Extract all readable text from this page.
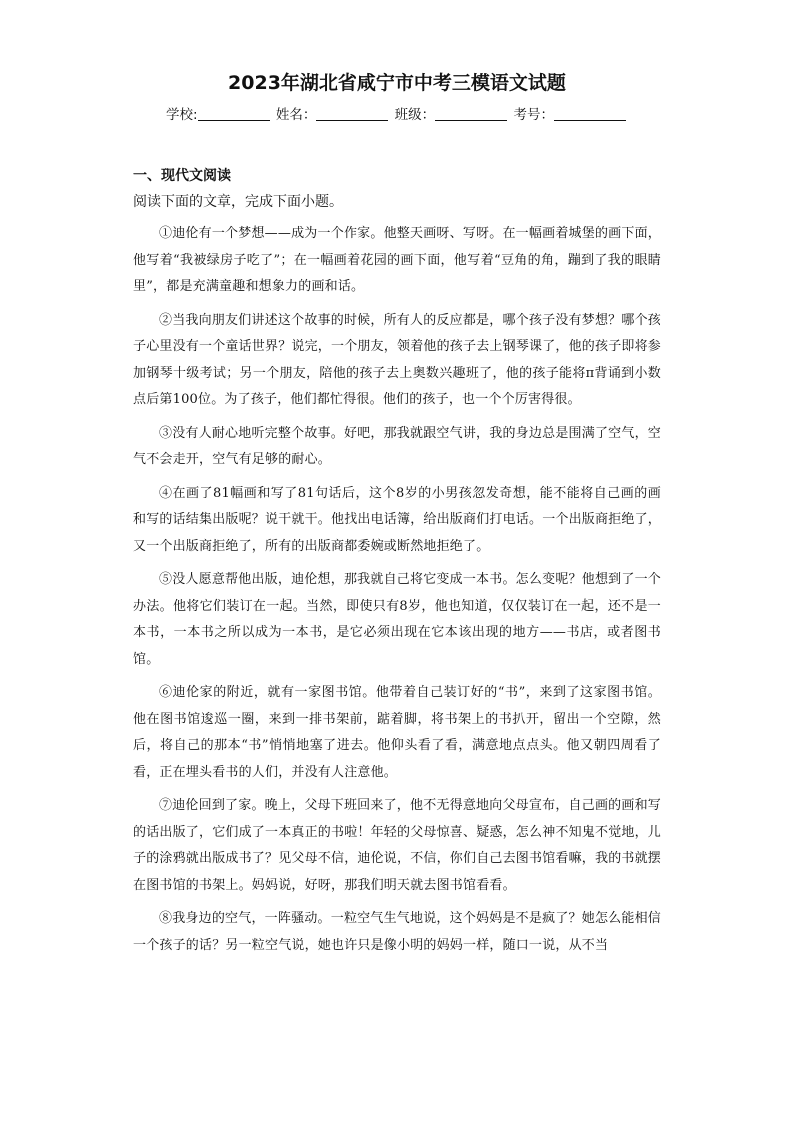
2023年湖北省咸宁市中考三模语文试题
学校:	姓名：	班级：	考号：
一、现代文阅读
阅读下面的文章，完成下面小题。

①迪伦有一个梦想——成为一个作家。他整天画呀、写呀。在一幅画着城堡的画下面，他写着“我被绿房子吃了”；在一幅画着花园的画下面，他写着“豆角的角，蹦到了我的眼睛里”，都是充满童趣和想象力的画和话。

②当我向朋友们讲述这个故事的时候，所有人的反应都是，哪个孩子没有梦想？哪个孩子心里没有一个童话世界？说完，一个朋友，领着他的孩子去上钢琴课了，他的孩子即将参加钢琴十级考试；另一个朋友，陪他的孩子去上奥数兴趣班了，他的孩子能将π背诵到小数点后第100位。为了孩子，他们都忙得很。他们的孩子，也一个个厉害得很。

③没有人耐心地听完整个故事。好吧，那我就跟空气讲，我的身边总是围满了空气，空气不会走开，空气有足够的耐心。

④在画了81幅画和写了81句话后，这个8岁的小男孩忽发奇想，能不能将自己画的画和写的话结集出版呢？说干就干。他找出电话簿，给出版商们打电话。一个出版商拒绝了，又一个出版商拒绝了，所有的出版商都委婉或断然地拒绝了。

⑤没人愿意帮他出版，迪伦想，那我就自己将它变成一本书。怎么变呢？他想到了一个办法。他将它们装订在一起。当然，即使只有8岁，他也知道，仅仅装订在一起，还不是一本书，一本书之所以成为一本书，是它必须出现在它本该出现的地方——书店，或者图书馆。

⑥迪伦家的附近，就有一家图书馆。他带着自己装订好的“书”，来到了这家图书馆。他在图书馆逡巡一圈，来到一排书架前，踮着脚，将书架上的书扒开，留出一个空隙，然后，将自己的那本“书”悄悄地塞了进去。他仰头看了看，满意地点点头。他又朝四周看了看，正在埋头看书的人们，并没有人注意他。

⑦迪伦回到了家。晚上，父母下班回来了，他不无得意地向父母宣布，自己画的画和写的话出版了，它们成了一本真正的书啦！年轻的父母惊喜、疑惑，怎么神不知鬼不觉地，儿子的涂鸦就出版成书了？见父母不信，迪伦说，不信，你们自己去图书馆看嘛，我的书就摆在图书馆的书架上。妈妈说，好呀，那我们明天就去图书馆看看。

⑧我身边的空气，一阵骚动。一粒空气生气地说，这个妈妈是不是疯了？她怎么能相信一个孩子的话？另一粒空气说，她也许只是像小明的妈妈一样，随口一说，从不当
